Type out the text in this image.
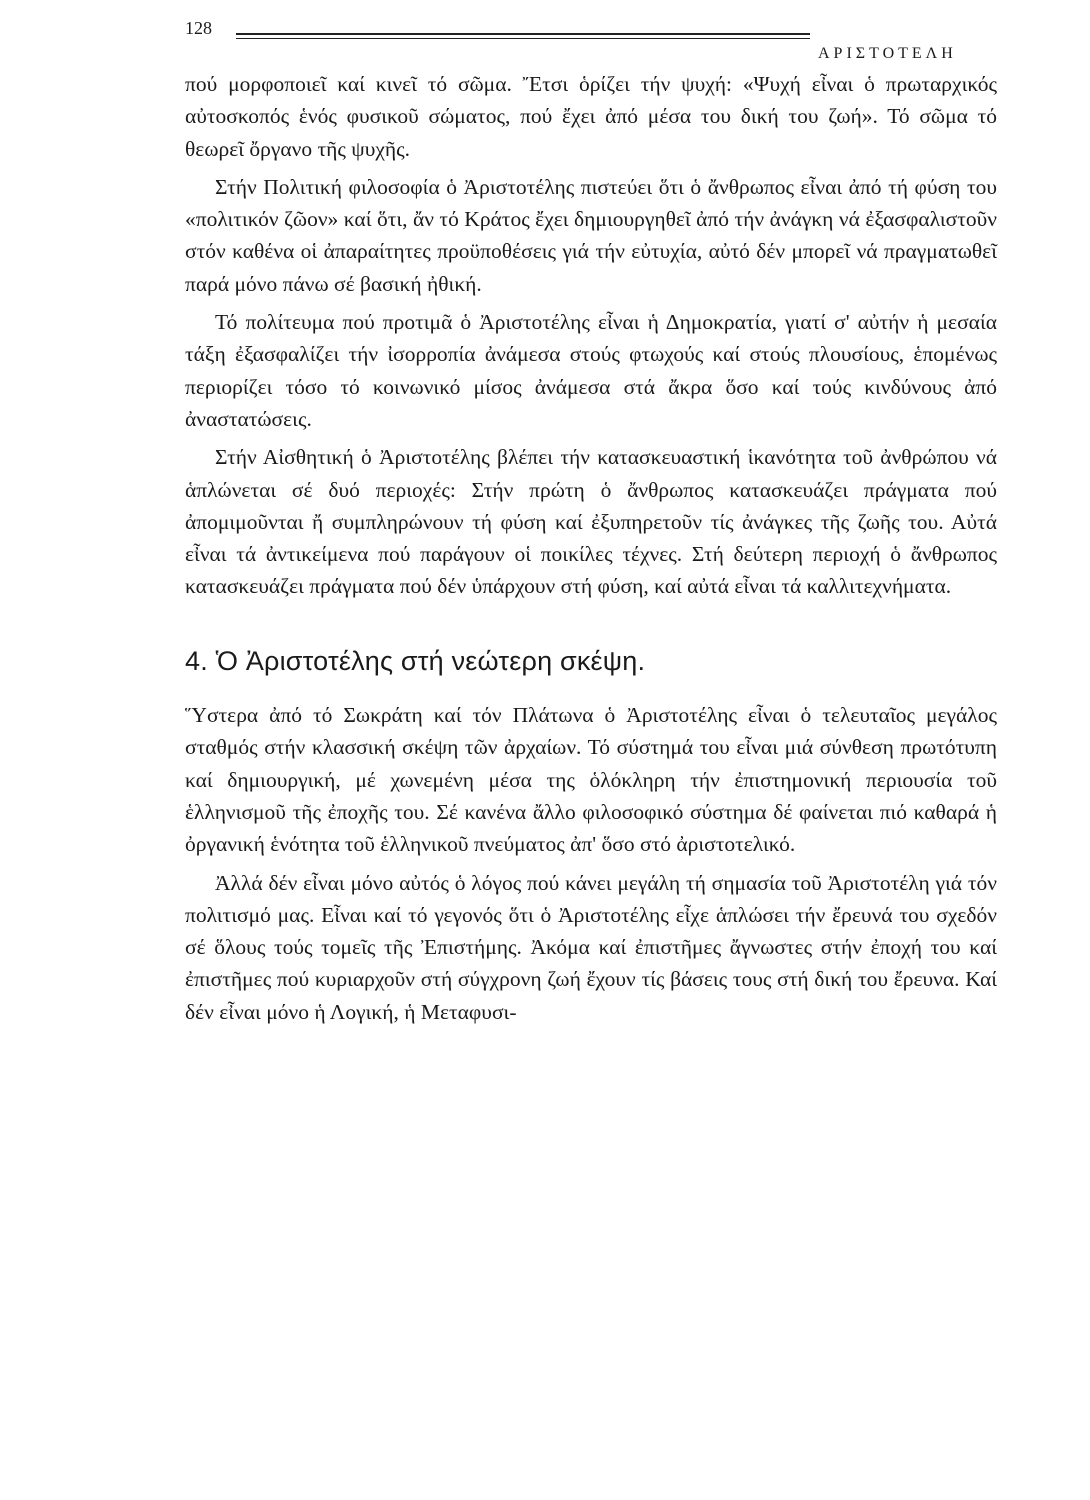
128
ΑΡΙΣΤΟΤΕΛΗ

πού μορφοποιεῖ καί κινεῖ τό σῶμα. Ἔτσι ὁρίζει τήν ψυχή: «Ψυχή εἶναι ὁ πρωταρχικός αὐτοσκοπός ἑνός φυσικοῦ σώματος, πού ἔχει ἀπό μέσα του δική του ζωή». Τό σῶμα τό θεωρεῖ ὄργανο τῆς ψυχῆς.

Στήν Πολιτική φιλοσοφία ὁ Ἀριστοτέλης πιστεύει ὅτι ὁ ἄνθρωπος εἶναι ἀπό τή φύση του «πολιτικόν ζῶον» καί ὅτι, ἄν τό Κράτος ἔχει δημιουργηθεῖ ἀπό τήν ἀνάγκη νά ἐξασφαλιστοῦν στόν καθένα οἱ ἀπαραίτητες προϋποθέσεις γιά τήν εὐτυχία, αὐτό δέν μπορεῖ νά πραγματωθεῖ παρά μόνο πάνω σέ βασική ἠθική.

Τό πολίτευμα πού προτιμᾶ ὁ Ἀριστοτέλης εἶναι ἡ Δημοκρατία, γιατί σ' αὐτήν ἡ μεσαία τάξη ἐξασφαλίζει τήν ἰσορροπία ἀνάμεσα στούς φτωχούς καί στούς πλουσίους, ἑπομένως περιορίζει τόσο τό κοινωνικό μίσος ἀνάμεσα στά ἄκρα ὅσο καί τούς κινδύνους ἀπό ἀναστατώσεις.

Στήν Αἰσθητική ὁ Ἀριστοτέλης βλέπει τήν κατασκευαστική ἱκανότητα τοῦ ἀνθρώπου νά ἁπλώνεται σέ δυό περιοχές: Στήν πρώτη ὁ ἄνθρωπος κατασκευάζει πράγματα πού ἀπομιμοῦνται ἤ συμπληρώνουν τή φύση καί ἐξυπηρετοῦν τίς ἀνάγκες τῆς ζωῆς του. Αὐτά εἶναι τά ἀντικείμενα πού παράγουν οἱ ποικίλες τέχνες. Στή δεύτερη περιοχή ὁ ἄνθρωπος κατασκευάζει πράγματα πού δέν ὑπάρχουν στή φύση, καί αὐτά εἶναι τά καλλιτεχνήματα.

4. Ὁ Ἀριστοτέλης στή νεώτερη σκέψη.

Ὕστερα ἀπό τό Σωκράτη καί τόν Πλάτωνα ὁ Ἀριστοτέλης εἶναι ὁ τελευταῖος μεγάλος σταθμός στήν κλασσική σκέψη τῶν ἀρχαίων. Τό σύστημά του εἶναι μιά σύνθεση πρωτότυπη καί δημιουργική, μέ χωνεμένη μέσα της ὁλόκληρη τήν ἐπιστημονική περιουσία τοῦ ἑλληνισμοῦ τῆς ἐποχῆς του. Σέ κανένα ἄλλο φιλοσοφικό σύστημα δέ φαίνεται πιό καθαρά ἡ ὀργανική ἑνότητα τοῦ ἑλληνικοῦ πνεύματος ἀπ' ὅσο στό ἀριστοτελικό.

Ἀλλά δέν εἶναι μόνο αὐτός ὁ λόγος πού κάνει μεγάλη τή σημασία τοῦ Ἀριστοτέλη γιά τόν πολιτισμό μας. Εἶναι καί τό γεγονός ὅτι ὁ Ἀριστοτέλης εἶχε ἁπλώσει τήν ἔρευνά του σχεδόν σέ ὅλους τούς τομεῖς τῆς Ἐπιστήμης. Ἀκόμα καί ἐπιστῆμες ἄγνωστες στήν ἐποχή του καί ἐπιστῆμες πού κυριαρχοῦν στή σύγχρονη ζωή ἔχουν τίς βάσεις τους στή δική του ἔρευνα. Καί δέν εἶναι μόνο ἡ Λογική, ἡ Μεταφυσι-
